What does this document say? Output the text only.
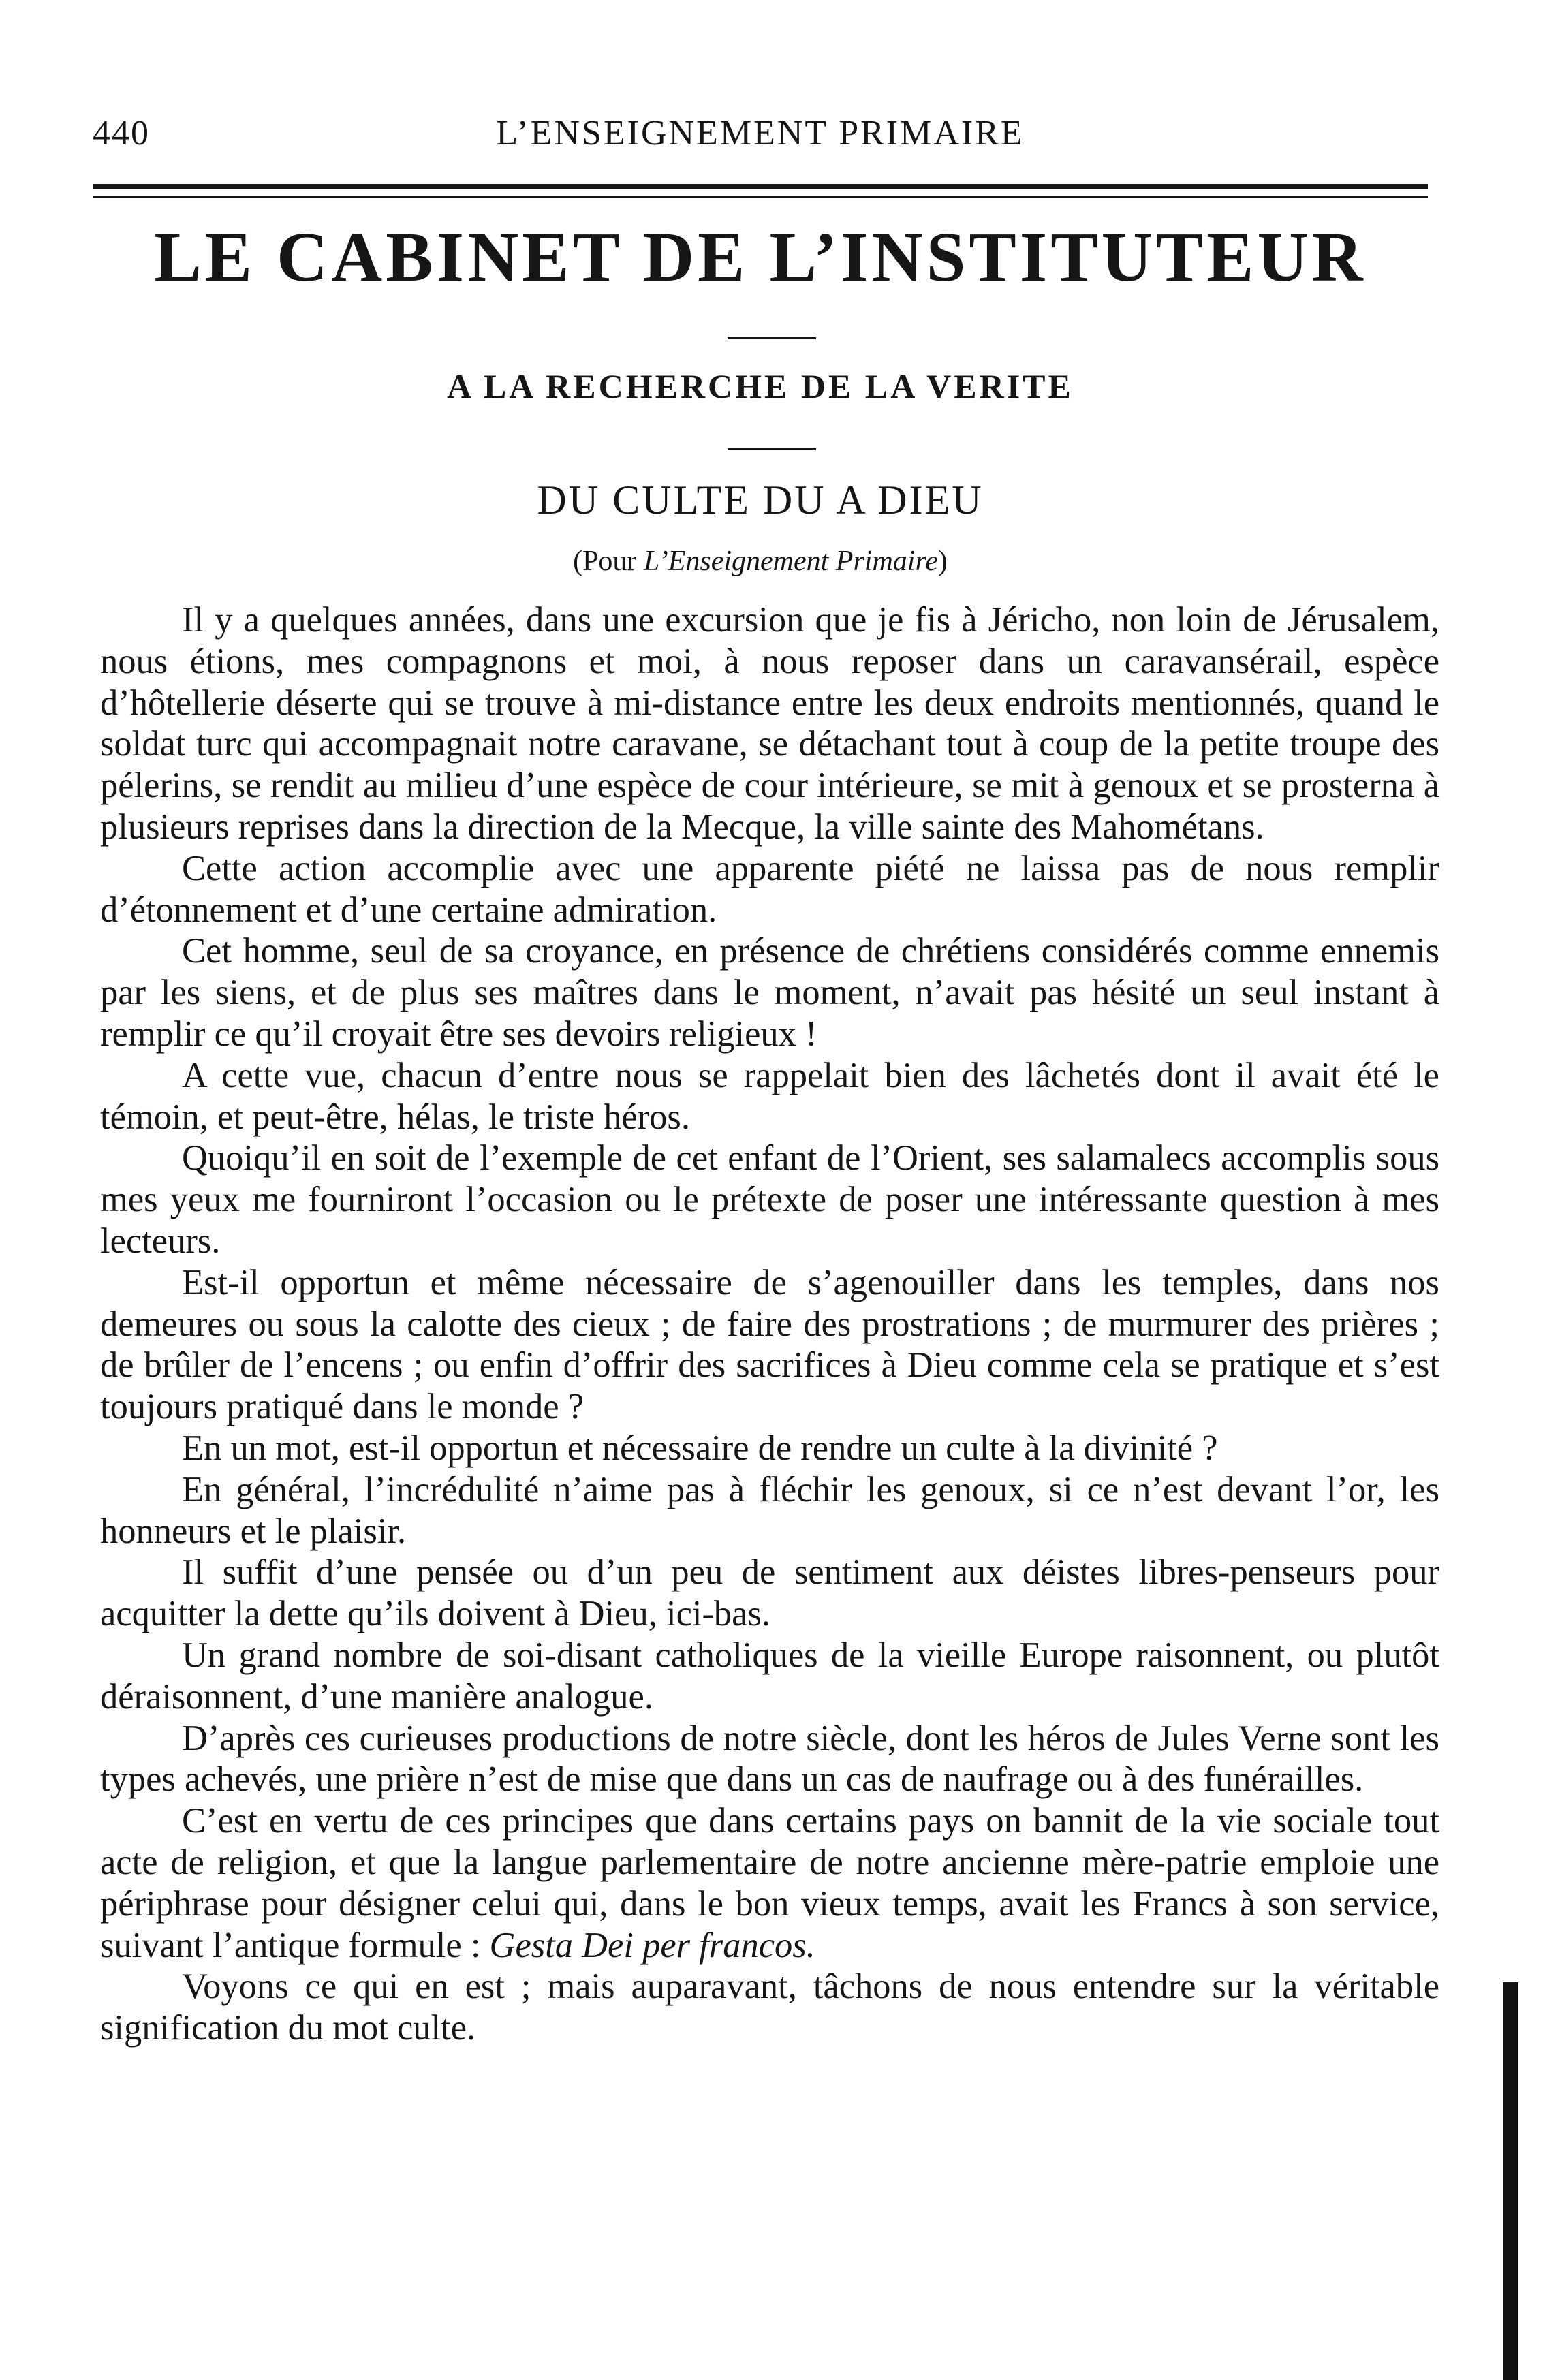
440	L’ENSEIGNEMENT PRIMAIRE
LE CABINET DE L’INSTITUTEUR
A LA RECHERCHE DE LA VERITE
DU CULTE DU A DIEU
(Pour L’Enseignement Primaire)

Il y a quelques années, dans une excursion que je fis à Jéricho, non loin de Jérusalem, nous étions, mes compagnons et moi, à nous reposer dans un caravansérail, espèce d’hôtellerie déserte qui se trouve à mi-distance entre les deux endroits mentionnés, quand le soldat turc qui accompagnait notre caravane, se détachant tout à coup de la petite troupe des pélerins, se rendit au milieu d’une espèce de cour intérieure, se mit à genoux et se prosterna à plusieurs reprises dans la direction de la Mecque, la ville sainte des Mahométans.

Cette action accomplie avec une apparente piété ne laissa pas de nous remplir d’étonnement et d’une certaine admiration.

Cet homme, seul de sa croyance, en présence de chrétiens considérés comme ennemis par les siens, et de plus ses maîtres dans le moment, n’avait pas hésité un seul instant à remplir ce qu’il croyait être ses devoirs religieux !

A cette vue, chacun d’entre nous se rappelait bien des lâchetés dont il avait été le témoin, et peut-être, hélas, le triste héros.

Quoiqu’il en soit de l’exemple de cet enfant de l’Orient, ses salamalecs accomplis sous mes yeux me fourniront l’occasion ou le prétexte de poser une intéressante question à mes lecteurs.

Est-il opportun et même nécessaire de s’agenouiller dans les temples, dans nos demeures ou sous la calotte des cieux ; de faire des prostrations ; de murmurer des prières ; de brûler de l’encens ; ou enfin d’offrir des sacrifices à Dieu comme cela se pratique et s’est toujours pratiqué dans le monde ?

En un mot, est-il opportun et nécessaire de rendre un culte à la divinité ?

En général, l’incrédulité n’aime pas à fléchir les genoux, si ce n’est devant l’or, les honneurs et le plaisir.

Il suffit d’une pensée ou d’un peu de sentiment aux déistes libres-penseurs pour acquitter la dette qu’ils doivent à Dieu, ici-bas.

Un grand nombre de soi-disant catholiques de la vieille Europe raisonnent, ou plutôt déraisonnent, d’une manière analogue.

D’après ces curieuses productions de notre siècle, dont les héros de Jules Verne sont les types achevés, une prière n’est de mise que dans un cas de naufrage ou à des funérailles.

C’est en vertu de ces principes que dans certains pays on bannit de la vie sociale tout acte de religion, et que la langue parlementaire de notre ancienne mère-patrie emploie une périphrase pour désigner celui qui, dans le bon vieux temps, avait les Francs à son service, suivant l’antique formule : Gesta Dei per francos.

Voyons ce qui en est ; mais auparavant, tâchons de nous entendre sur la véritable signification du mot culte.
